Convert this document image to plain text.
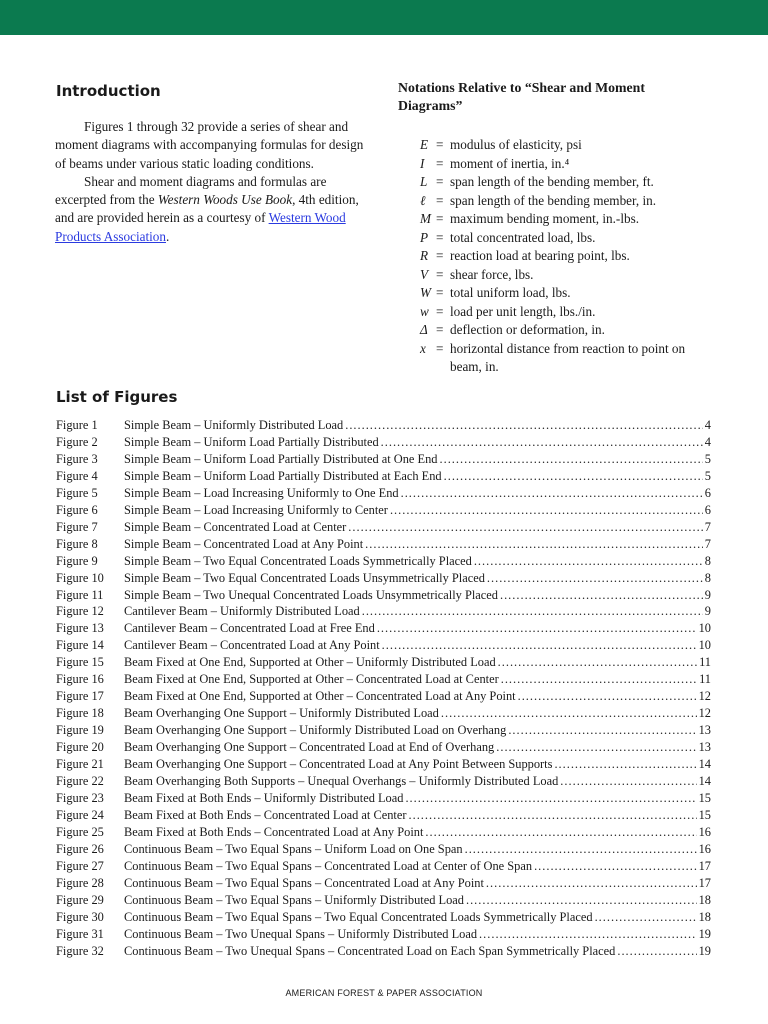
Introduction

Figures 1 through 32 provide a series of shear and moment diagrams with accompanying formulas for design of beams under various static loading conditions.

Shear and moment diagrams and formulas are excerpted from the Western Woods Use Book, 4th edition, and are provided herein as a courtesy of Western Wood Products Association.

Notations Relative to “Shear and Moment Diagrams”
E = modulus of elasticity, psi
I = moment of inertia, in.⁴
L = span length of the bending member, ft.
ℓ = span length of the bending member, in.
M = maximum bending moment, in.-lbs.
P = total concentrated load, lbs.
R = reaction load at bearing point, lbs.
V = shear force, lbs.
W = total uniform load, lbs.
w = load per unit length, lbs./in.
Δ = deflection or deformation, in.
x = horizontal distance from reaction to point on beam, in.
List of Figures
Figure 1	Simple Beam – Uniformly Distributed Load .....	4
Figure 2	Simple Beam – Uniform Load Partially Distributed .....	4
Figure 3	Simple Beam – Uniform Load Partially Distributed at One End .....	5
Figure 4	Simple Beam – Uniform Load Partially Distributed at Each End .....	5
Figure 5	Simple Beam – Load Increasing Uniformly to One End .....	6
Figure 6	Simple Beam – Load Increasing Uniformly to Center .....	6
Figure 7	Simple Beam – Concentrated Load at Center .....	7
Figure 8	Simple Beam – Concentrated Load at Any Point .....	7
Figure 9	Simple Beam – Two Equal Concentrated Loads Symmetrically Placed .....	8
Figure 10	Simple Beam – Two Equal Concentrated Loads Unsymmetrically Placed .....	8
Figure 11	Simple Beam – Two Unequal Concentrated Loads Unsymmetrically Placed .....	9
Figure 12	Cantilever Beam – Uniformly Distributed Load .....	9
Figure 13	Cantilever Beam – Concentrated Load at Free End .....	10
Figure 14	Cantilever Beam – Concentrated Load at Any Point .....	10
Figure 15	Beam Fixed at One End, Supported at Other – Uniformly Distributed Load .....	11
Figure 16	Beam Fixed at One End, Supported at Other – Concentrated Load at Center .....	11
Figure 17	Beam Fixed at One End, Supported at Other – Concentrated Load at Any Point .....	12
Figure 18	Beam Overhanging One Support – Uniformly Distributed Load .....	12
Figure 19	Beam Overhanging One Support – Uniformly Distributed Load on Overhang .....	13
Figure 20	Beam Overhanging One Support – Concentrated Load at End of Overhang .....	13
Figure 21	Beam Overhanging One Support – Concentrated Load at Any Point Between Supports .....	14
Figure 22	Beam Overhanging Both Supports – Unequal Overhangs – Uniformly Distributed Load .....	14
Figure 23	Beam Fixed at Both Ends – Uniformly Distributed Load .....	15
Figure 24	Beam Fixed at Both Ends – Concentrated Load at Center .....	15
Figure 25	Beam Fixed at Both Ends – Concentrated Load at Any Point .....	16
Figure 26	Continuous Beam – Two Equal Spans – Uniform Load on One Span .....	16
Figure 27	Continuous Beam – Two Equal Spans – Concentrated Load at Center of One Span .....	17
Figure 28	Continuous Beam – Two Equal Spans – Concentrated Load at Any Point .....	17
Figure 29	Continuous Beam – Two Equal Spans – Uniformly Distributed Load .....	18
Figure 30	Continuous Beam – Two Equal Spans – Two Equal Concentrated Loads Symmetrically Placed .....	18
Figure 31	Continuous Beam – Two Unequal Spans – Uniformly Distributed Load .....	19
Figure 32	Continuous Beam – Two Unequal Spans – Concentrated Load on Each Span Symmetrically Placed .....	19
AMERICAN FOREST & PAPER ASSOCIATION
